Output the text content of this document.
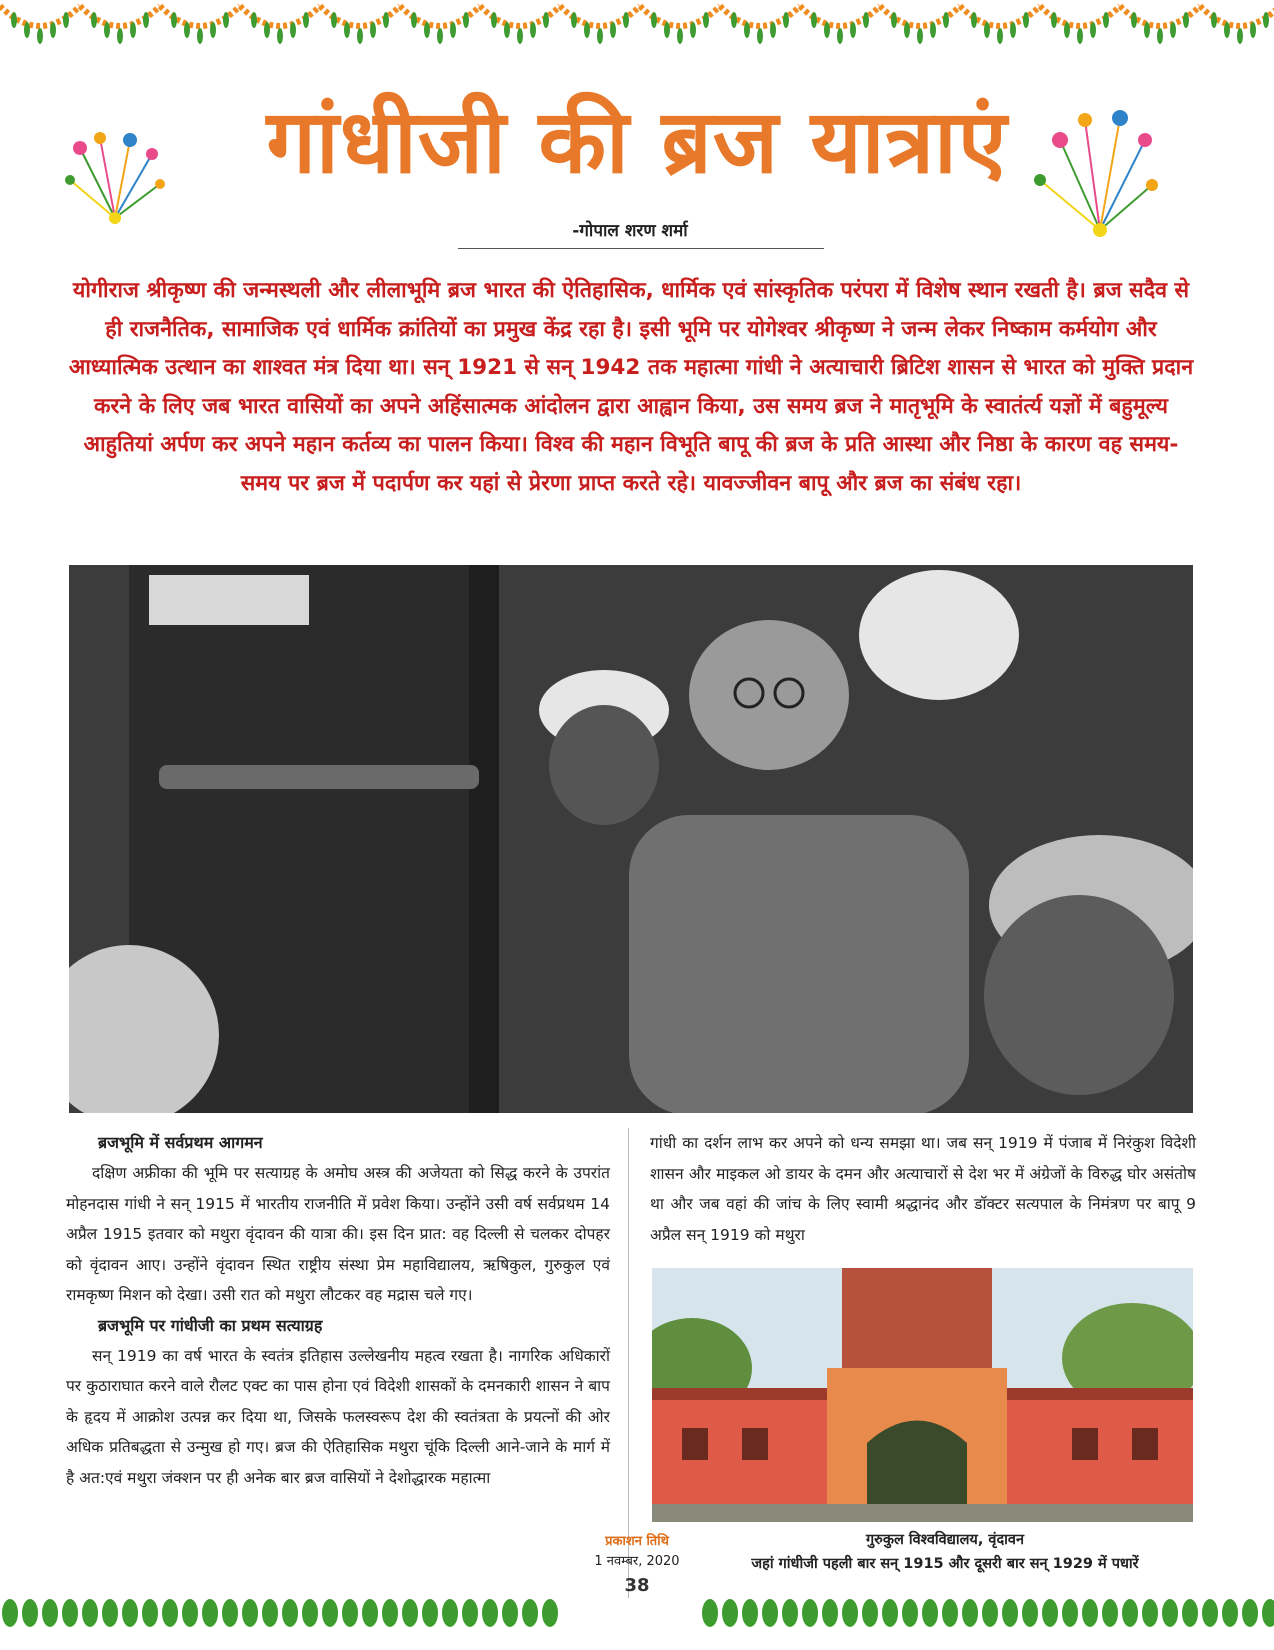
गांधीजी की ब्रज यात्राएं
-गोपाल शरण शर्मा
योगीराज श्रीकृष्ण की जन्मस्थली और लीलाभूमि ब्रज भारत की ऐतिहासिक, धार्मिक एवं सांस्कृतिक परंपरा में विशेष स्थान रखती है। ब्रज सदैव से ही राजनैतिक, सामाजिक एवं धार्मिक क्रांतियों का प्रमुख केंद्र रहा है। इसी भूमि पर योगेश्वर श्रीकृष्ण ने जन्म लेकर निष्काम कर्मयोग और आध्यात्मिक उत्थान का शाश्वत मंत्र दिया था। सन् 1921 से सन् 1942 तक महात्मा गांधी ने अत्याचारी ब्रिटिश शासन से भारत को मुक्ति प्रदान करने के लिए जब भारत वासियों का अपने अहिंसात्मक आंदोलन द्वारा आह्वान किया, उस समय ब्रज ने मातृभूमि के स्वातंर्त्य यज्ञों में बहुमूल्य आहुतियां अर्पण कर अपने महान कर्तव्य का पालन किया। विश्व की महान विभूति बापू की ब्रज के प्रति आस्था और निष्ठा के कारण वह समय-समय पर ब्रज में पदार्पण कर यहां से प्रेरणा प्राप्त करते रहे। यावज्जीवन बापू और ब्रज का संबंध रहा।
ब्रजभूमि में सर्वप्रथम आगमन

दक्षिण अफ्रीका की भूमि पर सत्याग्रह के अमोघ अस्त्र की अजेयता को सिद्ध करने के उपरांत मोहनदास गांधी ने सन् 1915 में भारतीय राजनीति में प्रवेश किया। उन्होंने उसी वर्ष सर्वप्रथम 14 अप्रैल 1915 इतवार को मथुरा वृंदावन की यात्रा की। इस दिन प्रात: वह दिल्ली से चलकर दोपहर को वृंदावन आए। उन्होंने वृंदावन स्थित राष्ट्रीय संस्था प्रेम महाविद्यालय, ऋषिकुल, गुरुकुल एवं रामकृष्ण मिशन को देखा। उसी रात को मथुरा लौटकर वह मद्रास चले गए।

ब्रजभूमि पर गांधीजी का प्रथम सत्याग्रह

सन् 1919 का वर्ष भारत के स्वतंत्र इतिहास उल्लेखनीय महत्व रखता है। नागरिक अधिकारों पर कुठाराघात करने वाले रौलट एक्ट का पास होना एवं विदेशी शासकों के दमनकारी शासन ने बाप के हृदय में आक्रोश उत्पन्न कर दिया था, जिसके फलस्वरूप देश की स्वतंत्रता के प्रयत्नों की ओर अधिक प्रतिबद्धता से उन्मुख हो गए। ब्रज की ऐतिहासिक मथुरा चूंकि दिल्ली आने-जाने के मार्ग में है अत:एवं मथुरा जंक्शन पर ही अनेक बार ब्रज वासियों ने देशोद्धारक महात्मा

गांधी का दर्शन लाभ कर अपने को धन्य समझा था। जब सन् 1919 में पंजाब में निरंकुश विदेशी शासन और माइकल ओ डायर के दमन और अत्याचारों से देश भर में अंग्रेजों के विरुद्ध घोर असंतोष था और जब वहां की जांच के लिए स्वामी श्रद्धानंद और डॉक्टर सत्यपाल के निमंत्रण पर बापू 9 अप्रैल सन् 1919 को मथुरा

गुरुकुल विश्वविद्यालय, वृंदावन
जहां गांधीजी पहली बार सन् 1915 और दूसरी बार सन् 1929 में पधारें
प्रकाशन तिथि
1 नवम्बर, 2020
38
